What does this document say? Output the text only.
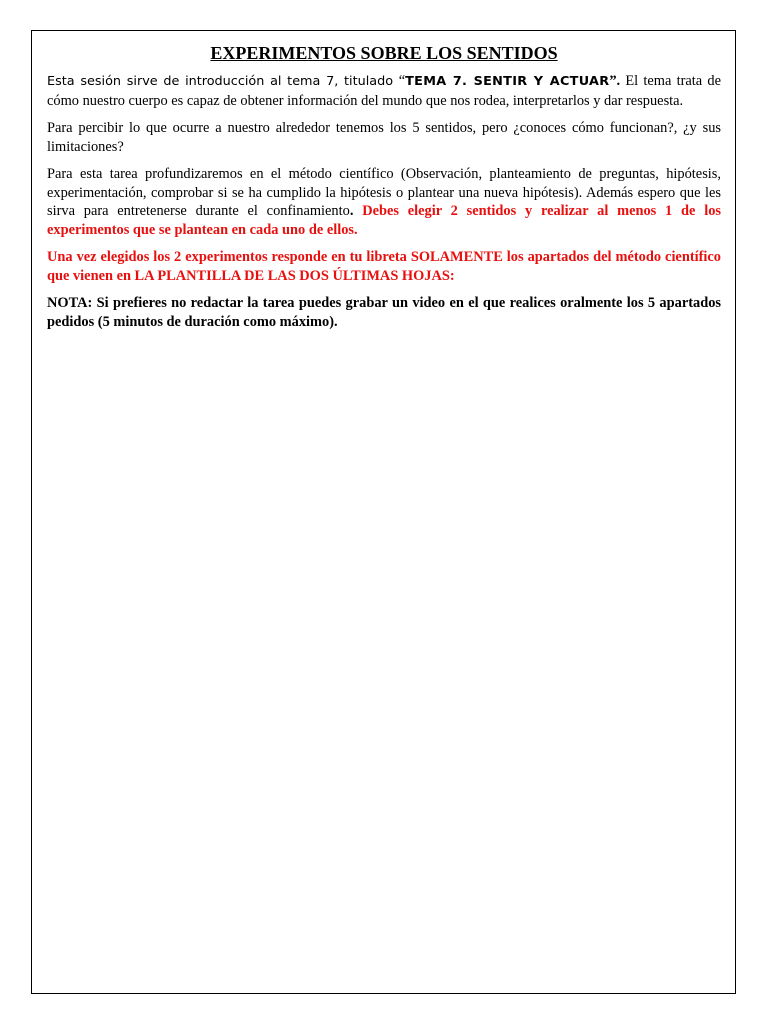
EXPERIMENTOS SOBRE LOS SENTIDOS

Esta sesión sirve de introducción al tema 7, titulado “TEMA 7. SENTIR Y ACTUAR”. El tema trata de cómo nuestro cuerpo es capaz de obtener información del mundo que nos rodea, interpretarlos y dar respuesta.

Para percibir lo que ocurre a nuestro alrededor tenemos los 5 sentidos, pero ¿conoces cómo funcionan?, ¿y sus limitaciones?

Para esta tarea profundizaremos en el método científico (Observación, planteamiento de preguntas, hipótesis, experimentación, comprobar si se ha cumplido la hipótesis o plantear una nueva hipótesis). Además espero que les sirva para entretenerse durante el confinamiento. Debes elegir 2 sentidos y realizar al menos 1 de los experimentos que se plantean en cada uno de ellos.

Una vez elegidos los 2 experimentos responde en tu libreta SOLAMENTE los apartados del método científico que vienen en LA PLANTILLA DE LAS DOS ÚLTIMAS HOJAS:

NOTA: Si prefieres no redactar la tarea puedes grabar un video en el que realices oralmente los 5 apartados pedidos (5 minutos de duración como máximo).
